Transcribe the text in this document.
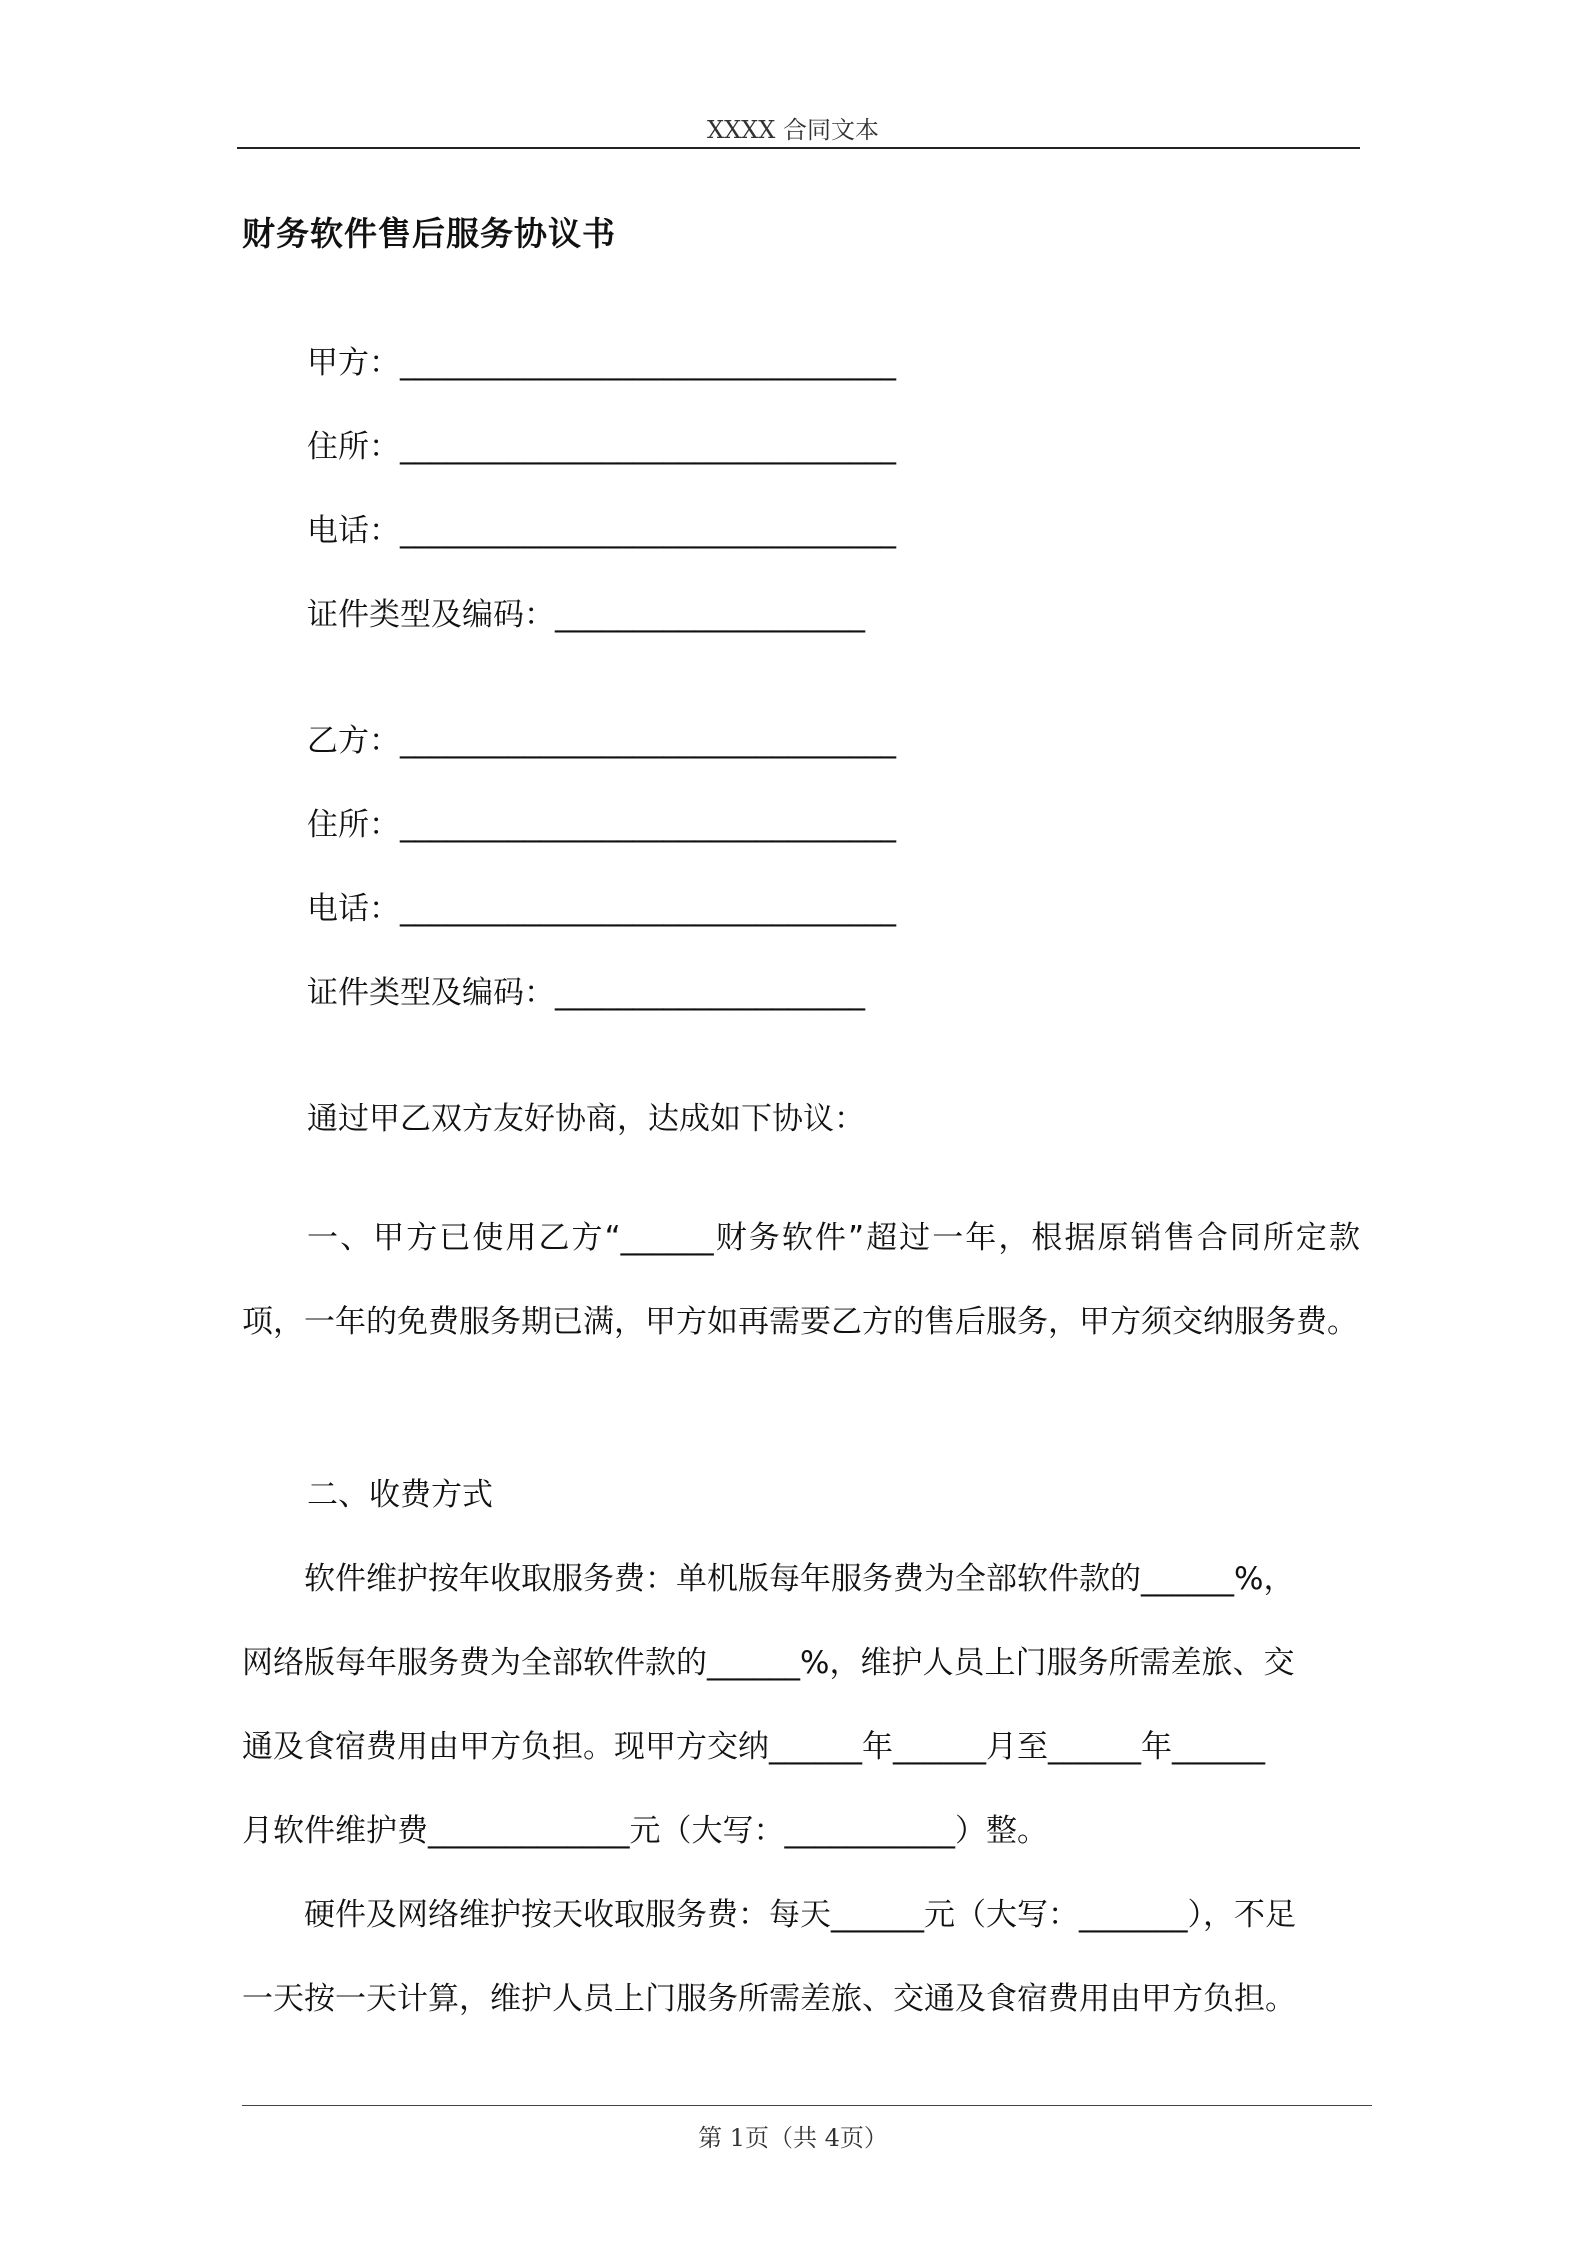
XXXX 合同文本
财务软件售后服务协议书
甲方：________________________________
住所：________________________________
电话：________________________________
证件类型及编码：____________________
乙方：________________________________
住所：________________________________
电话：________________________________
证件类型及编码：____________________
通过甲乙双方友好协商，达成如下协议：
一、甲方已使用乙方“______财务软件”超过一年，根据原销售合同所定款项，一年的免费服务期已满，甲方如再需要乙方的售后服务，甲方须交纳服务费。
二、收费方式
　　软件维护按年收取服务费：单机版每年服务费为全部软件款的______%，
网络版每年服务费为全部软件款的______%，维护人员上门服务所需差旅、交
通及食宿费用由甲方负担。现甲方交纳______年______月至______年______
月软件维护费_____________元（大写：___________）整。
　　硬件及网络维护按天收取服务费：每天______元（大写：_______），不足
一天按一天计算，维护人员上门服务所需差旅、交通及食宿费用由甲方负担。
第 1页（共 4页）
